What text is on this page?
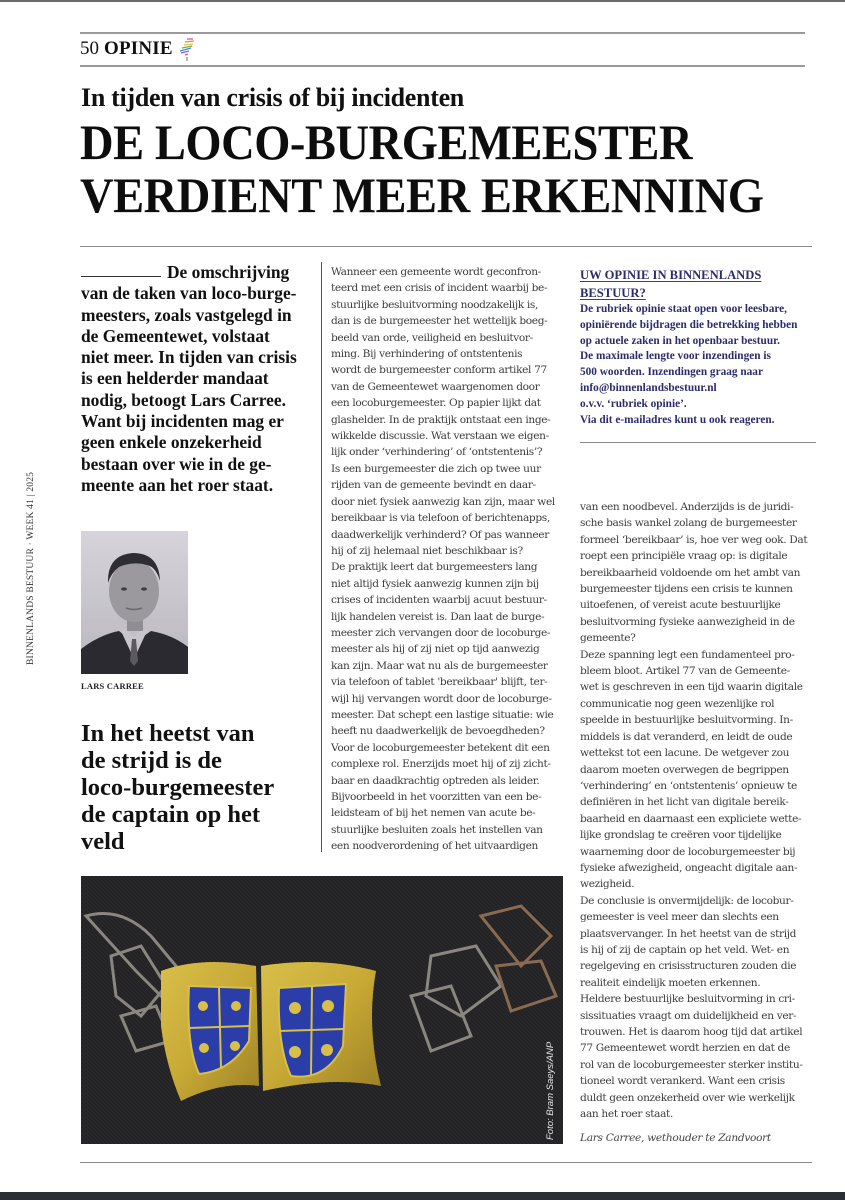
50 OPINIE
In tijden van crisis of bij incidenten
DE LOCO-BURGEMEESTER
VERDIENT MEER ERKENNING
De omschrijving
van de taken van loco-burge-
meesters, zoals vastgelegd in
de Gemeentewet, volstaat
niet meer. In tijden van crisis
is een helderder mandaat
nodig, betoogt Lars Carree.
Want bij incidenten mag er
geen enkele onzekerheid
bestaan over wie in de ge-
meente aan het roer staat.
BINNENLANDS BESTUUR · WEEK 41 | 2025
LARS CARREE
In het heetst van
de strijd is de
loco-burgemeester
de captain op het
veld
Wanneer een gemeente wordt geconfron-
teerd met een crisis of incident waarbij be-
stuurlijke besluitvorming noodzakelijk is,
dan is de burgemeester het wettelijk boeg-
beeld van orde, veiligheid en besluitvor-
ming. Bij verhindering of ontstentenis
wordt de burgemeester conform artikel 77
van de Gemeentewet waargenomen door
een locoburgemeester. Op papier lijkt dat
glashelder. In de praktijk ontstaat een inge-
wikkelde discussie. Wat verstaan we eigen-
lijk onder ‘verhindering’ of ‘ontstentenis’?
Is een burgemeester die zich op twee uur
rijden van de gemeente bevindt en daar-
door niet fysiek aanwezig kan zijn, maar wel
bereikbaar is via telefoon of berichtenapps,
daadwerkelijk verhinderd? Of pas wanneer
hij of zij helemaal niet beschikbaar is?
De praktijk leert dat burgemeesters lang
niet altijd fysiek aanwezig kunnen zijn bij
crises of incidenten waarbij acuut bestuur-
lijk handelen vereist is. Dan laat de burge-
meester zich vervangen door de locoburge-
meester als hij of zij niet op tijd aanwezig
kan zijn. Maar wat nu als de burgemeester
via telefoon of tablet 'bereikbaar' blijft, ter-
wijl hij vervangen wordt door de locoburge-
meester. Dat schept een lastige situatie: wie
heeft nu daadwerkelijk de bevoegdheden?
Voor de locoburgemeester betekent dit een
complexe rol. Enerzijds moet hij of zij zicht-
baar en daadkrachtig optreden als leider.
Bijvoorbeeld in het voorzitten van een be-
leidsteam of bij het nemen van acute be-
stuurlijke besluiten zoals het instellen van
een noodverordening of het uitvaardigen
UW OPINIE IN BINNENLANDS
BESTUUR?
De rubriek opinie staat open voor leesbare,
opiniërende bijdragen die betrekking hebben
op actuele zaken in het openbaar bestuur.
De maximale lengte voor inzendingen is
500 woorden. Inzendingen graag naar
info@binnenlandsbestuur.nl
o.v.v. ‘rubriek opinie’.
Via dit e-mailadres kunt u ook reageren.
van een noodbevel. Anderzijds is de juridi-
sche basis wankel zolang de burgemeester
formeel ‘bereikbaar’ is, hoe ver weg ook. Dat
roept een principiële vraag op: is digitale
bereikbaarheid voldoende om het ambt van
burgemeester tijdens een crisis te kunnen
uitoefenen, of vereist acute bestuurlijke
besluitvorming fysieke aanwezigheid in de
gemeente?
Deze spanning legt een fundamenteel pro-
bleem bloot. Artikel 77 van de Gemeente-
wet is geschreven in een tijd waarin digitale
communicatie nog geen wezenlijke rol
speelde in bestuurlijke besluitvorming. In-
middels is dat veranderd, en leidt de oude
wettekst tot een lacune. De wetgever zou
daarom moeten overwegen de begrippen
‘verhindering’ en ‘ontstentenis’ opnieuw te
definiëren in het licht van digitale bereik-
baarheid en daarnaast een expliciete wette-
lijke grondslag te creëren voor tijdelijke
waarneming door de locoburgemeester bij
fysieke afwezigheid, ongeacht digitale aan-
wezigheid.
De conclusie is onvermijdelijk: de locobur-
gemeester is veel meer dan slechts een
plaatsvervanger. In het heetst van de strijd
is hij of zij de captain op het veld. Wet- en
regelgeving en crisisstructuren zouden die
realiteit eindelijk moeten erkennen.
Heldere bestuurlijke besluitvorming in cri-
sissituaties vraagt om duidelijkheid en ver-
trouwen. Het is daarom hoog tijd dat artikel
77 Gemeentewet wordt herzien en dat de
rol van de locoburgemeester sterker institu-
tioneel wordt verankerd. Want een crisis
duldt geen onzekerheid over wie werkelijk
aan het roer staat.
Foto: Bram Saeys/ANP Lars Carree, wethouder te Zandvoort
